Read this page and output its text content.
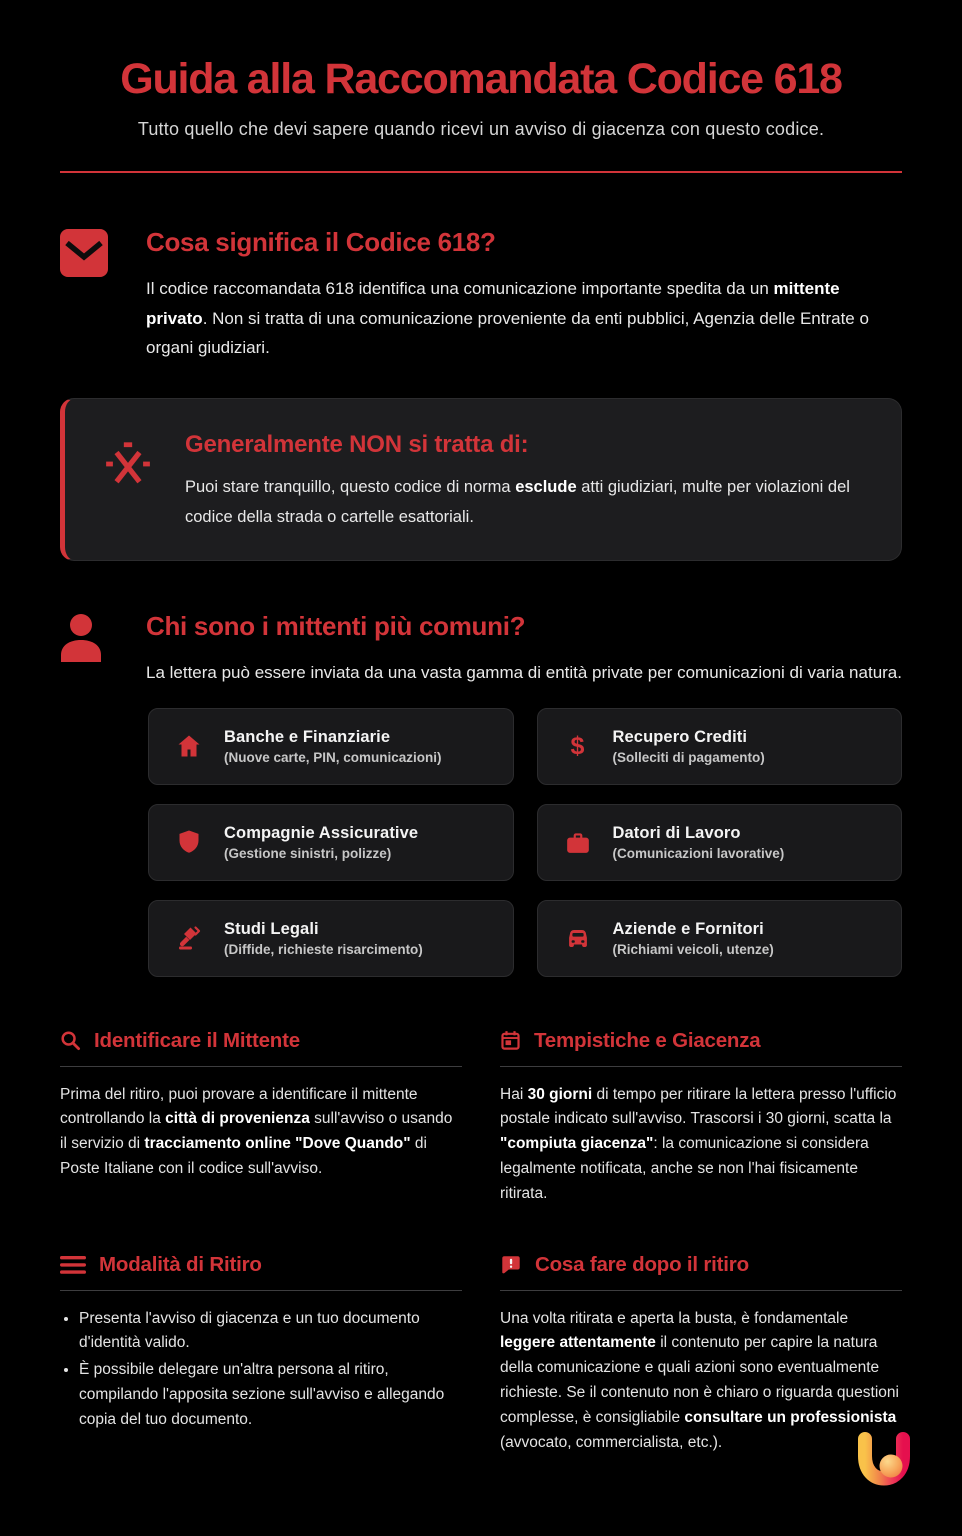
Guida alla Raccomandata Codice 618
Tutto quello che devi sapere quando ricevi un avviso di giacenza con questo codice.
Cosa significa il Codice 618?

Il codice raccomandata 618 identifica una comunicazione importante spedita da un mittente privato. Non si tratta di una comunicazione proveniente da enti pubblici, Agenzia delle Entrate o organi giudiziari.

Generalmente NON si tratta di:

Puoi stare tranquillo, questo codice di norma esclude atti giudiziari, multe per violazioni del codice della strada o cartelle esattoriali.

Chi sono i mittenti più comuni?

La lettera può essere inviata da una vasta gamma di entità private per comunicazioni di varia natura.

Banche e Finanziarie
(Nuove carte, PIN, comunicazioni)	$ Recupero Crediti
(Solleciti di pagamento)
Compagnie Assicurative
(Gestione sinistri, polizze)
Datori di Lavoro
(Comunicazioni lavorative)
Studi Legali
(Diffide, richieste risarcimento)
Aziende e Fornitori
(Richiami veicoli, utenze)
Identificare il Mittente

Prima del ritiro, puoi provare a identificare il mittente controllando la città di provenienza sull'avviso o usando il servizio di tracciamento online "Dove Quando" di Poste Italiane con il codice sull'avviso.

Tempistiche e Giacenza

Hai 30 giorni di tempo per ritirare la lettera presso l'ufficio postale indicato sull'avviso. Trascorsi i 30 giorni, scatta la "compiuta giacenza": la comunicazione si considera legalmente notificata, anche se non l'hai fisicamente ritirata.

Modalità di Ritiro
• Presenta l'avviso di giacenza e un tuo documento d'identità valido.
• È possibile delegare un'altra persona al ritiro, compilando l'apposita sezione sull'avviso e allegando copia del tuo documento.
Cosa fare dopo il ritiro

Una volta ritirata e aperta la busta, è fondamentale leggere attentamente il contenuto per capire la natura della comunicazione e quali azioni sono eventualmente richieste. Se il contenuto non è chiaro o riguarda questioni complesse, è consigliabile consultare un professionista (avvocato, commercialista, etc.).
